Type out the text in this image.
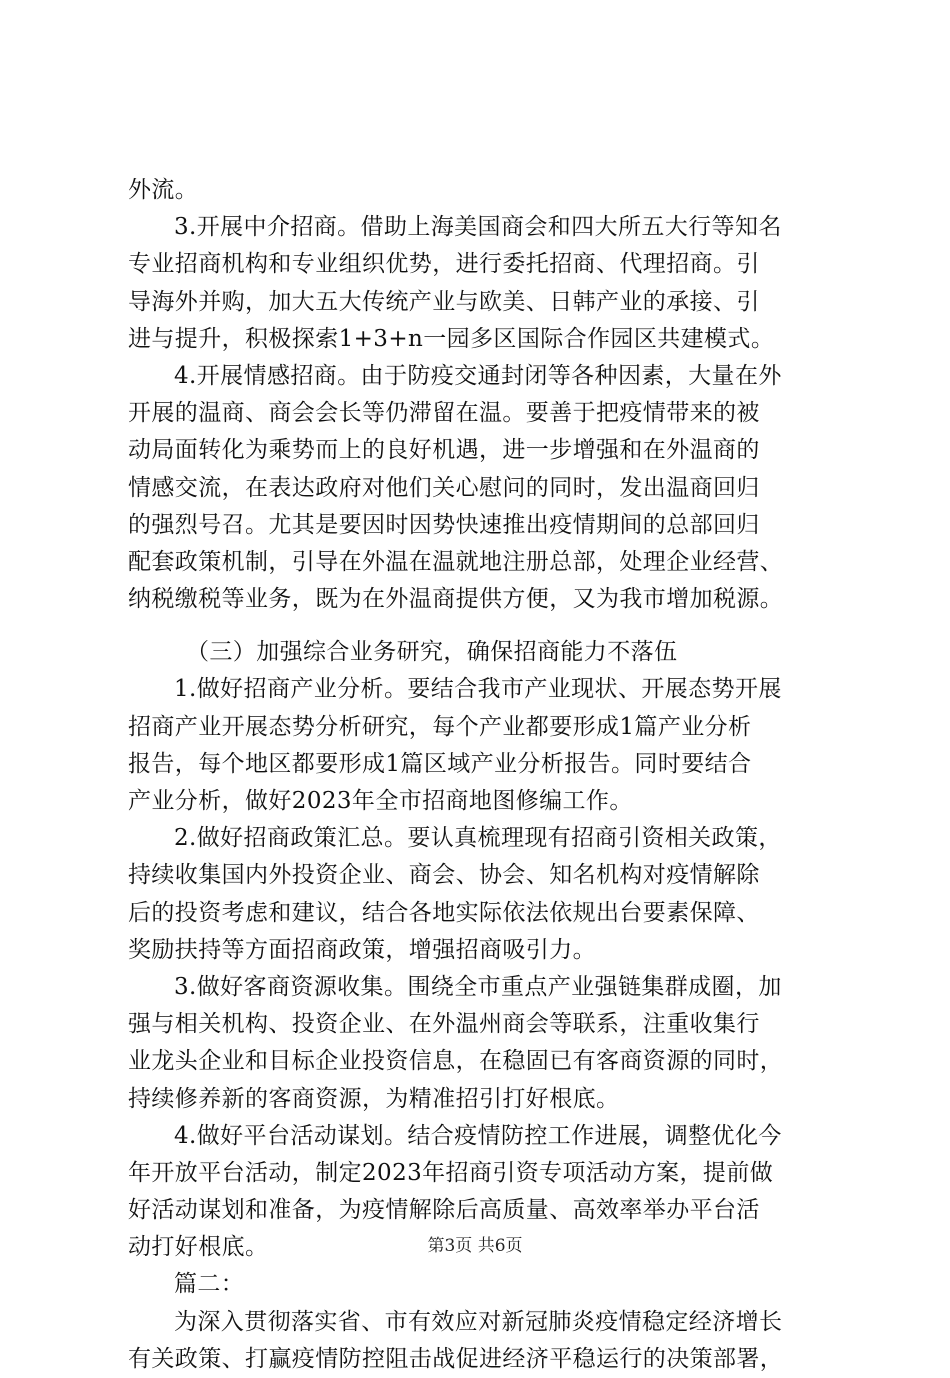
外流。
3.开展中介招商。借助上海美国商会和四大所五大行等知名
专业招商机构和专业组织优势，进行委托招商、代理招商。引
导海外并购，加大五大传统产业与欧美、日韩产业的承接、引
进与提升，积极探索1+3+n一园多区国际合作园区共建模式。
4.开展情感招商。由于防疫交通封闭等各种因素，大量在外
开展的温商、商会会长等仍滞留在温。要善于把疫情带来的被
动局面转化为乘势而上的良好机遇，进一步增强和在外温商的
情感交流，在表达政府对他们关心慰问的同时，发出温商回归
的强烈号召。尤其是要因时因势快速推出疫情期间的总部回归
配套政策机制，引导在外温在温就地注册总部，处理企业经营、
纳税缴税等业务，既为在外温商提供方便，又为我市增加税源。
（三）加强综合业务研究，确保招商能力不落伍
1.做好招商产业分析。要结合我市产业现状、开展态势开展
招商产业开展态势分析研究，每个产业都要形成1篇产业分析
报告，每个地区都要形成1篇区域产业分析报告。同时要结合
产业分析，做好2023年全市招商地图修编工作。
2.做好招商政策汇总。要认真梳理现有招商引资相关政策，
持续收集国内外投资企业、商会、协会、知名机构对疫情解除
后的投资考虑和建议，结合各地实际依法依规出台要素保障、
奖励扶持等方面招商政策，增强招商吸引力。
3.做好客商资源收集。围绕全市重点产业强链集群成圈，加
强与相关机构、投资企业、在外温州商会等联系，注重收集行
业龙头企业和目标企业投资信息，在稳固已有客商资源的同时，
持续修养新的客商资源，为精准招引打好根底。
4.做好平台活动谋划。结合疫情防控工作进展，调整优化今
年开放平台活动，制定2023年招商引资专项活动方案，提前做
好活动谋划和准备，为疫情解除后高质量、高效率举办平台活
动打好根底。
篇二：
为深入贯彻落实省、市有效应对新冠肺炎疫情稳定经济增长
有关政策、打赢疫情防控阻击战促进经济平稳运行的决策部署，
第3页 共6页
